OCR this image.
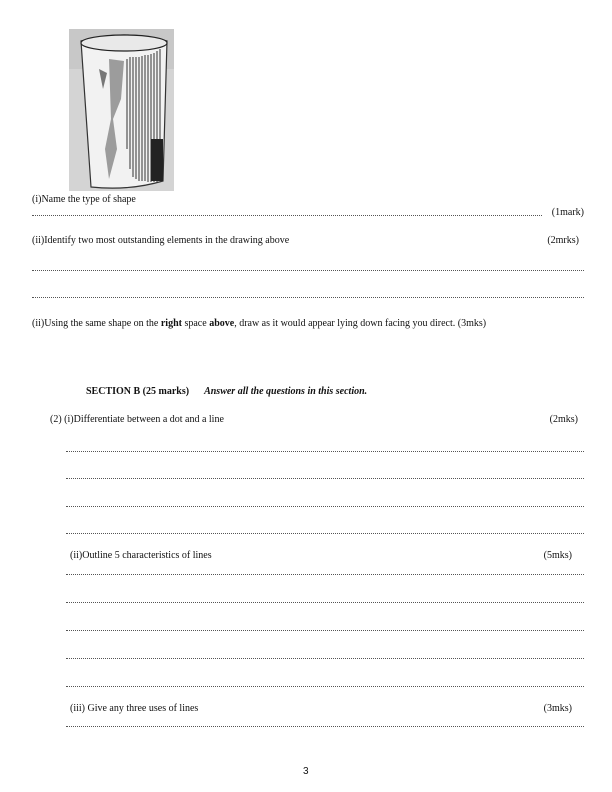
(i)Name the type of shape
(1mark)
(ii)Identify two most outstanding elements in the drawing above	(2mrks)
(ii)Using the same shape on the right space above, draw as it would appear lying down facing you direct. (3mks)
SECTION B (25 marks) Answer all the questions in this section.
(2) (i)Differentiate between a dot and a line	(2mks)
(ii)Outline 5 characteristics of lines	(5mks)
(iii) Give any three uses of lines	(3mks)
3
